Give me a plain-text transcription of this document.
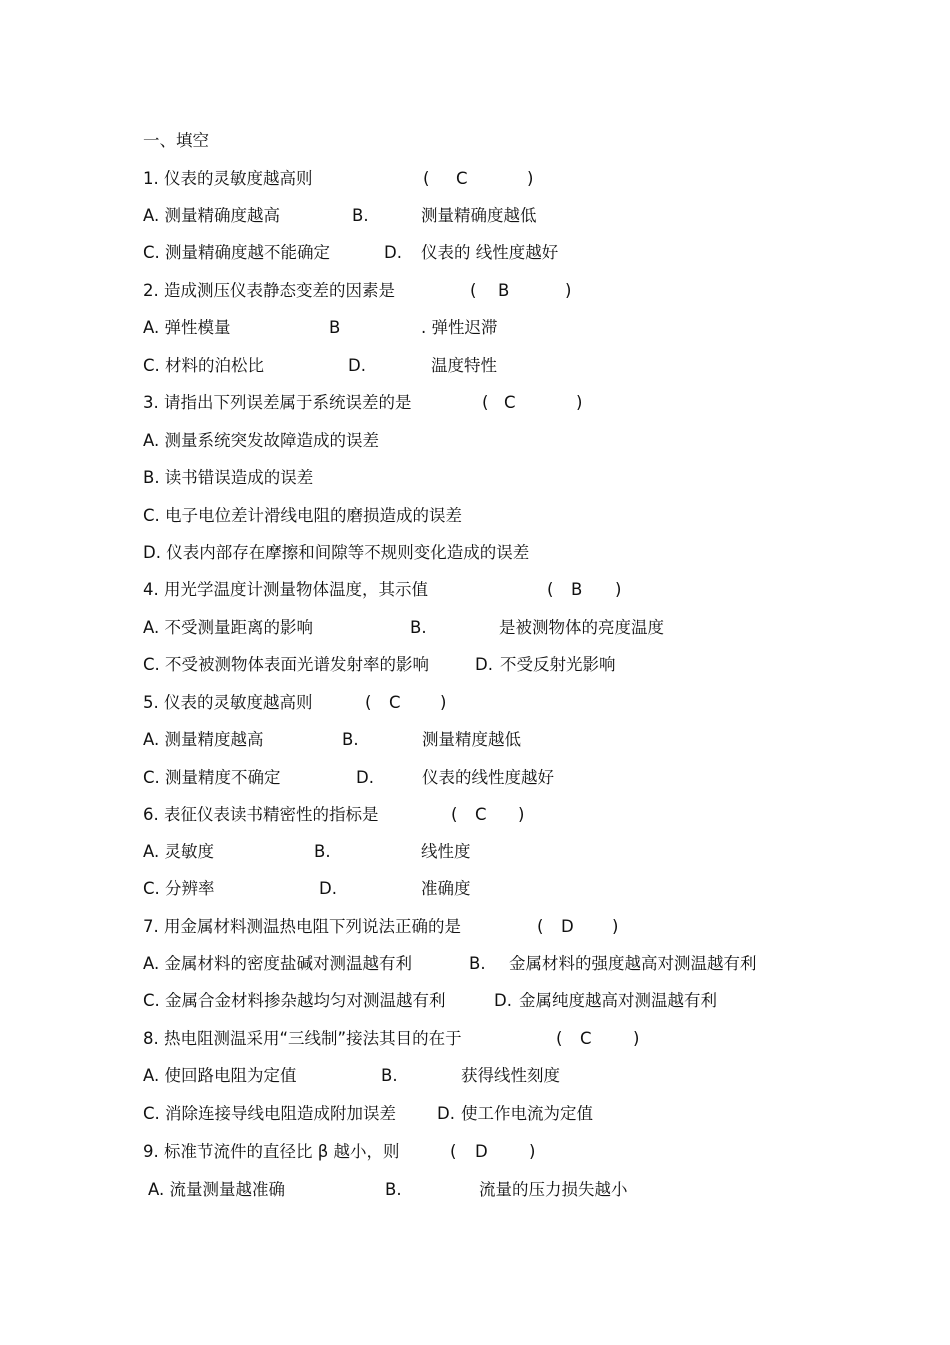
一、填空
1. 仪表的灵敏度越高则	( C	)
A. 测量精确度越高	B.	测量精确度越低
C. 测量精确度越不能确定	D. 仪表的 线性度越好
2. 造成测压仪表静态变差的因素是	( B	)
A. 弹性模量	B	. 弹性迟滞
C. 材料的泊松比	D.	温度特性
3. 请指出下列误差属于系统误差的是	( C	)
A. 测量系统突发故障造成的误差
B. 读书错误造成的误差
C. 电子电位差计滑线电阻的磨损造成的误差
D. 仪表内部存在摩擦和间隙等不规则变化造成的误差
4. 用光学温度计测量物体温度，其示值	( B )
A. 不受测量距离的影响	B.	是被测物体的亮度温度
C. 不受被测物体表面光谱发射率的影响	D. 不受反射光影响
5. 仪表的灵敏度越高则	( C )
A. 测量精度越高	B.	测量精度越低
C. 测量精度不确定	D.	仪表的线性度越好
6. 表征仪表读书精密性的指标是	( C )
A. 灵敏度	B.	线性度
C. 分辨率	D.	准确度
7. 用金属材料测温热电阻下列说法正确的是	( D )
A. 金属材料的密度盐碱对测温越有利	B. 金属材料的强度越高对测温越有利
C. 金属合金材料掺杂越均匀对测温越有利	D. 金属纯度越高对测温越有利
8. 热电阻测温采用“三线制”接法其目的在于	( C	)
A. 使回路电阻为定值	B.	获得线性刻度
C. 消除连接导线电阻造成附加误差 D. 使工作电流为定值
9. 标准节流件的直径比 β 越小，则	( D	)
A. 流量测量越准确	B.	流量的压力损失越小
